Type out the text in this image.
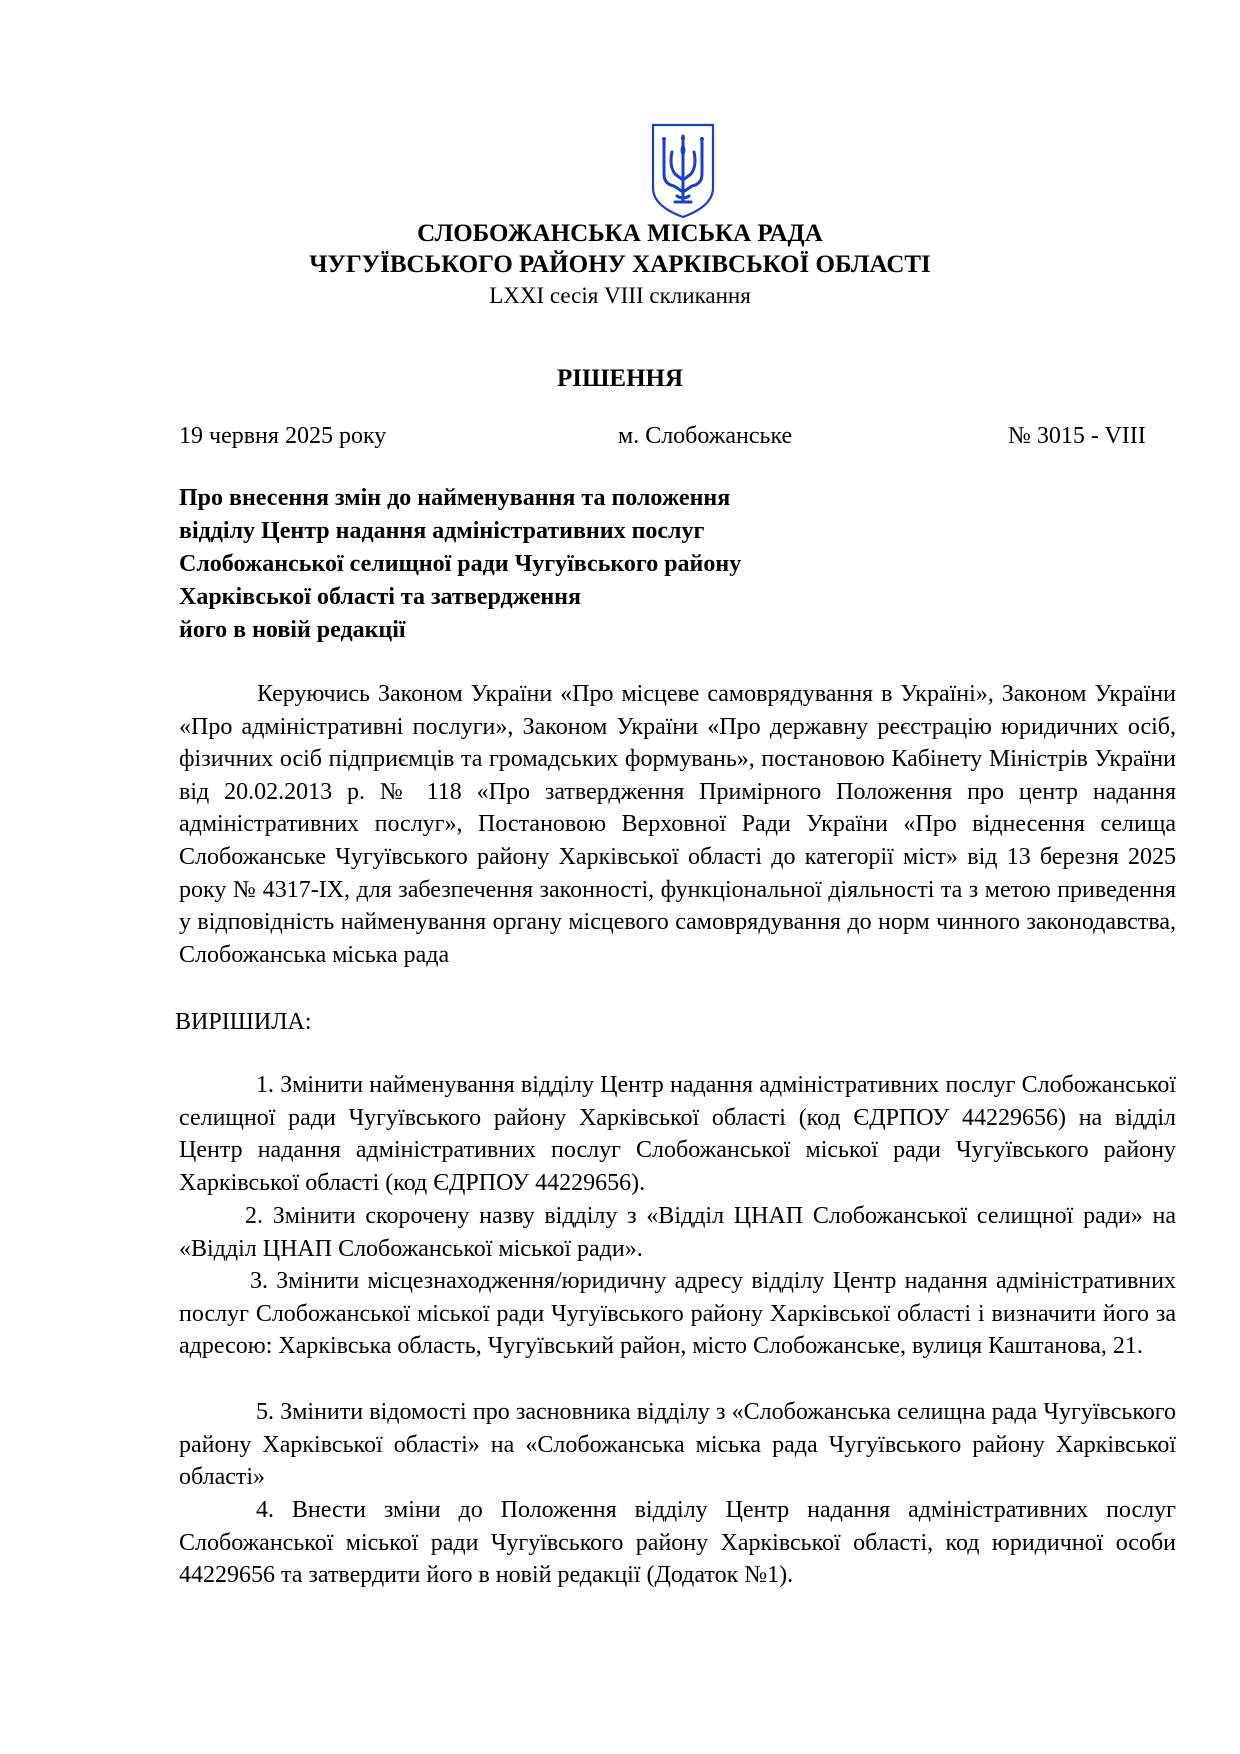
СЛОБОЖАНСЬКА МІСЬКА РАДА
ЧУГУЇВСЬКОГО РАЙОНУ ХАРКІВСЬКОЇ ОБЛАСТІ
LXXI сесія VIII скликання
РІШЕННЯ
19 червня 2025 року	м. Слобожанське	№ 3015 - VIII
Про внесення змін до найменування та положення
відділу Центр надання адміністративних послуг
Слобожанської селищної ради Чугуївського району
Харківської області та затвердження
його в новій редакції
Керуючись Законом України «Про місцеве самоврядування в Україні», Законом України «Про адміністративні послуги», Законом України «Про державну реєстрацію юридичних осіб, фізичних осіб підприємців та громадських формувань», постановою Кабінету Міністрів України від 20.02.2013 р. № 118 «Про затвердження Примірного Положення про центр надання адміністративних послуг», Постановою Верховної Ради України «Про віднесення селища Слобожанське Чугуївського району Харківської області до категорії міст» від 13 березня 2025 року № 4317-IX, для забезпечення законності, функціональної діяльності та з метою приведення у відповідність найменування органу місцевого самоврядування до норм чинного законодавства, Слобожанська міська рада
ВИРІШИЛА:
1. Змінити найменування відділу Центр надання адміністративних послуг Слобожанської селищної ради Чугуївського району Харківської області (код ЄДРПОУ 44229656) на відділ Центр надання адміністративних послуг Слобожанської міської ради Чугуївського району Харківської області (код ЄДРПОУ 44229656).
2. Змінити скорочену назву відділу з «Відділ ЦНАП Слобожанської селищної ради» на «Відділ ЦНАП Слобожанської міської ради».
3. Змінити місцезнаходження/юридичну адресу відділу Центр надання адміністративних послуг Слобожанської міської ради Чугуївського району Харківської області і визначити його за адресою: Харківська область, Чугуївський район, місто Слобожанське, вулиця Каштанова, 21.
5. Змінити відомості про засновника відділу з «Слобожанська селищна рада Чугуївського району Харківської області» на «Слобожанська міська рада Чугуївського району Харківської області»
4. Внести зміни до Положення відділу Центр надання адміністративних послуг Слобожанської міської ради Чугуївського району Харківської області, код юридичної особи 44229656 та затвердити його в новій редакції (Додаток №1).
